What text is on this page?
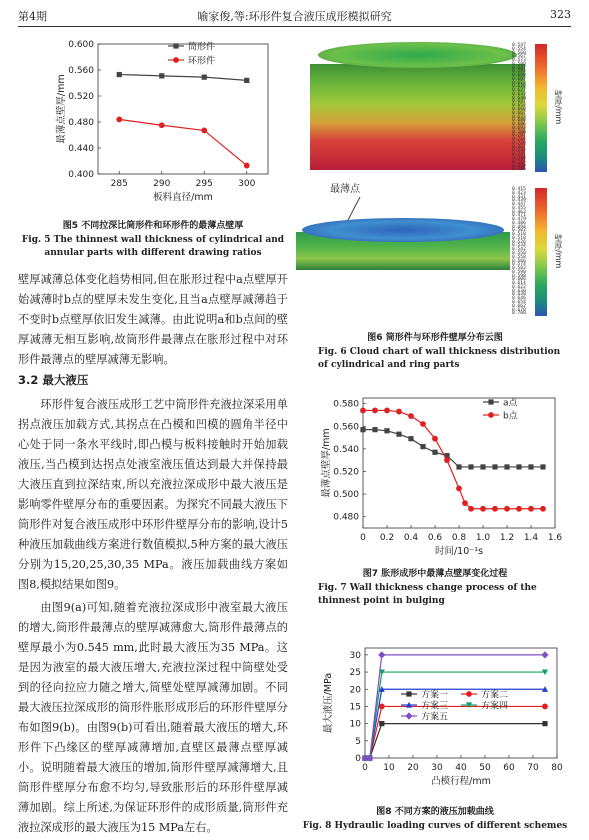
第4期	喻家俊,等:环形件复合液压成形模拟研究	323
0.400
0.440
0.480
0.520
0.560
0.600
285	290	295	300
板料直径/mm
最薄点壁厚/mm
筒形件
环形件
图5 不同拉深比筒形件和环形件的最薄点壁厚
Fig. 5 The thinnest wall thickness of cylindrical and annular parts with different drawing ratios
壁厚减薄总体变化趋势相同,但在胀形过程中a点壁厚开始减薄时b点的壁厚未发生变化,且当a点壁厚减薄趋于不变时b点壁厚依旧发生减薄。由此说明a和b点间的壁厚减薄无相互影响,故筒形件最薄点在胀形过程中对环形件最薄点的壁厚减薄无影响。
3.2 最大液压
环形件复合液压成形工艺中筒形件充液拉深采用单拐点液压加载方式,其拐点在凸模和凹模的圆角半径中心处于同一条水平线时,即凸模与板料接触时开始加载液压,当凸模到达拐点处液室液压值达到最大并保持最大液压直到拉深结束,所以充液拉深成形中最大液压是影响零件壁厚分布的重要因素。为探究不同最大液压下筒形件对复合液压成形中环形件壁厚分布的影响,设计5种液压加载曲线方案进行数值模拟,5种方案的最大液压分别为15,20,25,30,35 MPa。液压加载曲线方案如图8,模拟结果如图9。
由图9(a)可知,随着充液拉深成形中液室最大液压的增大,筒形件最薄点的壁厚减薄愈大,筒形件最薄点的壁厚最小为0.545 mm,此时最大液压为35 MPa。这是因为液室的最大液压增大,充液拉深过程中筒壁处受到的径向拉应力随之增大,筒壁处壁厚减薄加剧。不同最大液压拉深成形的筒形件胀形成形后的环形件壁厚分布如图9(b)。由图9(b)可看出,随着最大液压的增大,环形件下凸缘区的壁厚减薄增加,直壁区最薄点壁厚减小。说明随着最大液压的增加,筒形件壁厚减薄增大,且筒形件壁厚分布愈不均匀,导致胀形后的环形件壁厚减薄加剧。综上所述,为保证环形件的成形质量,筒形件充液拉深成形的最大液压为15 MPa左右。
0.547
0.554
0.560
0.567
0.573
0.580
0.587
0.593
0.600
0.607
0.613
0.620
0.627
0.633
0.640
0.647
0.653
0.660
0.667
0.673
0.680
0.686
0.693
0.700
0.707
0.714
0.720
0.727
0.734
0.741
0.748
0.755
0.760
0.765
壁厚/mm
最薄点	0.415
0.423
0.431
0.439
0.447
0.455
0.463
0.471
0.479
0.486
0.494
0.502
0.510
0.518
0.526
0.534
0.542
0.550
0.558
0.566
0.574
0.582
0.590
0.598
0.606
0.614
0.622
0.630
0.638
0.646
0.654
0.662
0.670
0.700
壁厚/mm
图6 筒形件与环形件壁厚分布云图
Fig. 6 Cloud chart of wall thickness distribution of cylindrical and ring parts
0.480
0.500
0.520
0.540
0.560
0.580
0 0.2 0.4 0.6 0.8 1.0 1.2 1.4 1.6
时间/10⁻¹s
最薄点壁厚/mm
a点
b点
图7 胀形成形中最薄点壁厚变化过程
Fig. 7 Wall thickness change process of the thinnest point in bulging
0
5
10
15
20
25
30
0 10 20 30 40 50 60 70 80
凸模行程/mm
最大液压/MPa	方案一	方案二
方案三	方案四
方案五
图8 不同方案的液压加载曲线
Fig. 8 Hydraulic loading curves of different schemes
